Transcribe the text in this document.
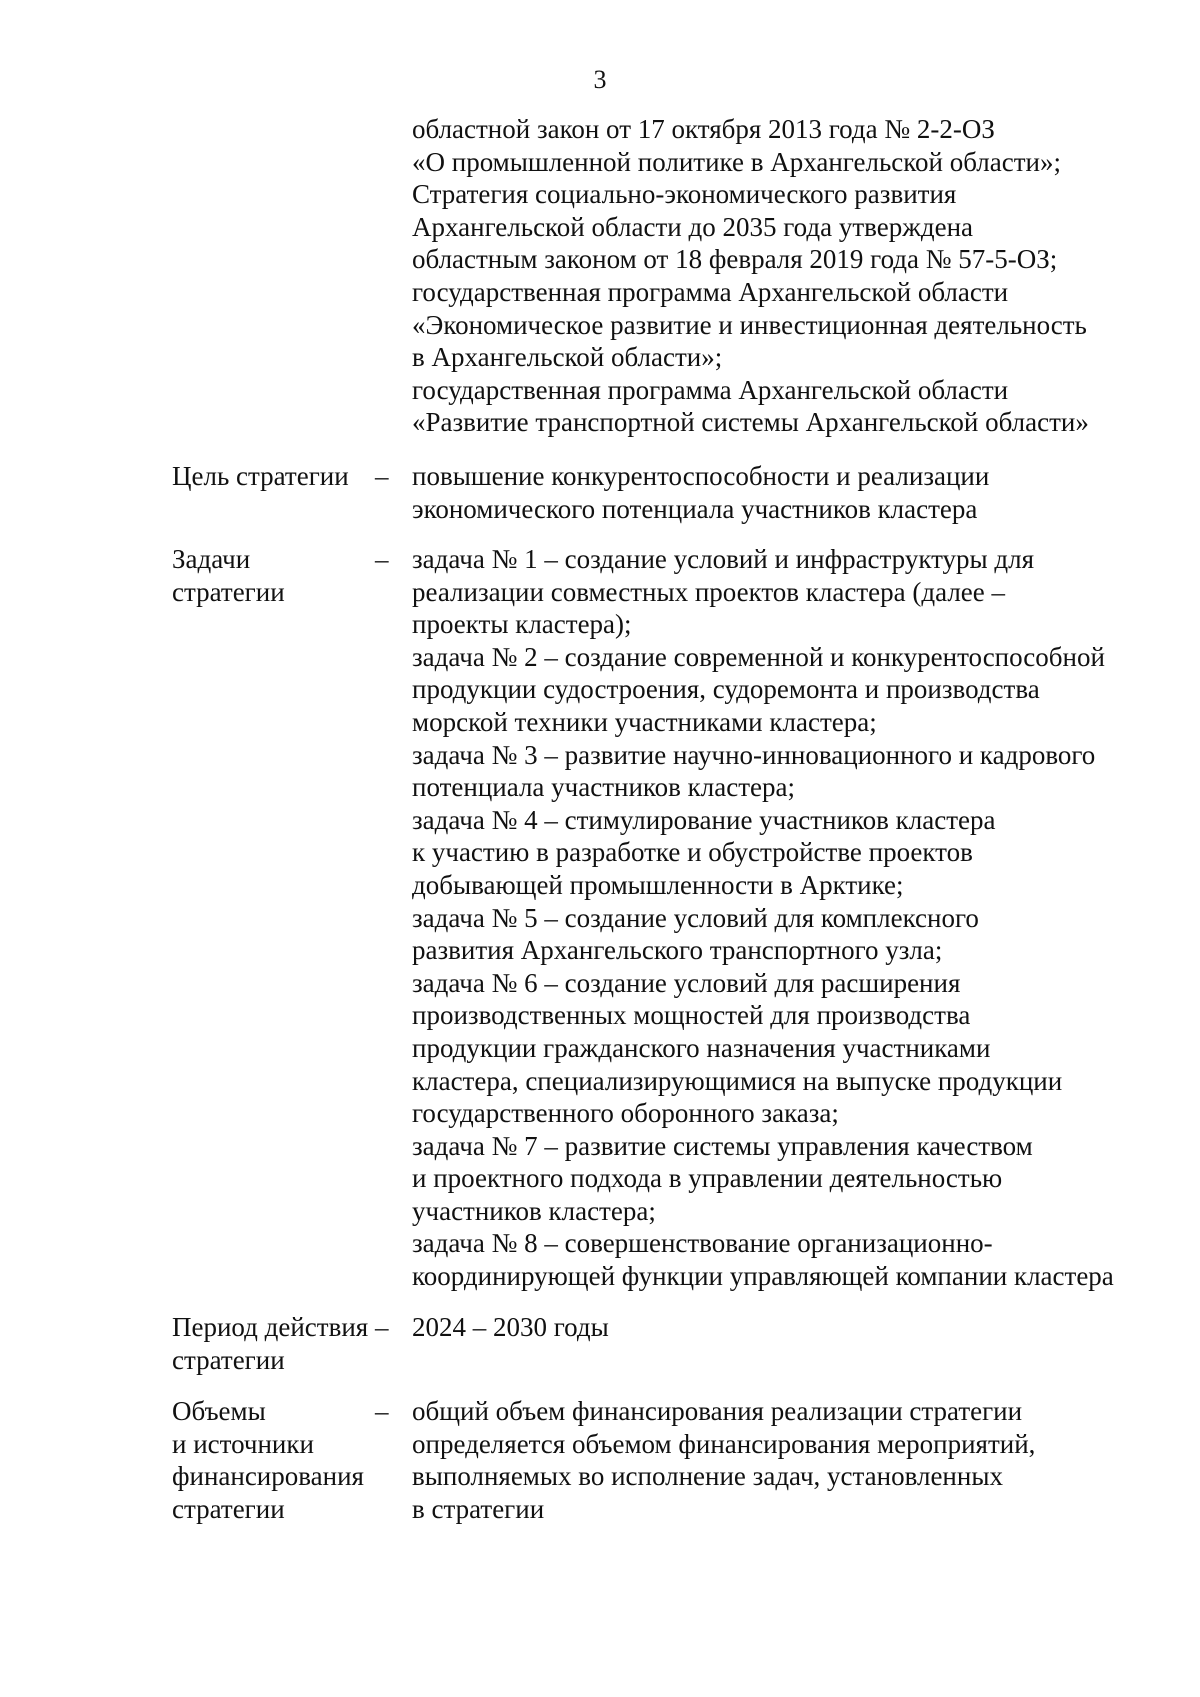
3
областной закон от 17 октября 2013 года № 2-2-ОЗ
«О промышленной политике в Архангельской области»;
Стратегия социально-экономического развития
Архангельской области до 2035 года утверждена
областным законом от 18 февраля 2019 года № 57-5-ОЗ;
государственная программа Архангельской области
«Экономическое развитие и инвестиционная деятельность
в Архангельской области»;
государственная программа Архангельской области
«Развитие транспортной системы Архангельской области»
Цель стратегии – повышение конкурентоспособности и реализации
экономического потенциала участников кластера
Задачи
стратегии
– задача № 1 – создание условий и инфраструктуры для
реализации совместных проектов кластера (далее –
проекты кластера);
задача № 2 – создание современной и конкурентоспособной
продукции судостроения, судоремонта и производства
морской техники участниками кластера;
задача № 3 – развитие научно-инновационного и кадрового
потенциала участников кластера;
задача № 4 – стимулирование участников кластера
к участию в разработке и обустройстве проектов
добывающей промышленности в Арктике;
задача № 5 – создание условий для комплексного
развития Архангельского транспортного узла;
задача № 6 – создание условий для расширения
производственных мощностей для производства
продукции гражданского назначения участниками
кластера, специализирующимися на выпуске продукции
государственного оборонного заказа;
задача № 7 – развитие системы управления качеством
и проектного подхода в управлении деятельностью
участников кластера;
задача № 8 – совершенствование организационно-
координирующей функции управляющей компании кластера
Период действия
стратегии
– 2024 – 2030 годы
Объемы
и источники
финансирования
стратегии
– общий объем финансирования реализации стратегии
определяется объемом финансирования мероприятий,
выполняемых во исполнение задач, установленных
в стратегии
